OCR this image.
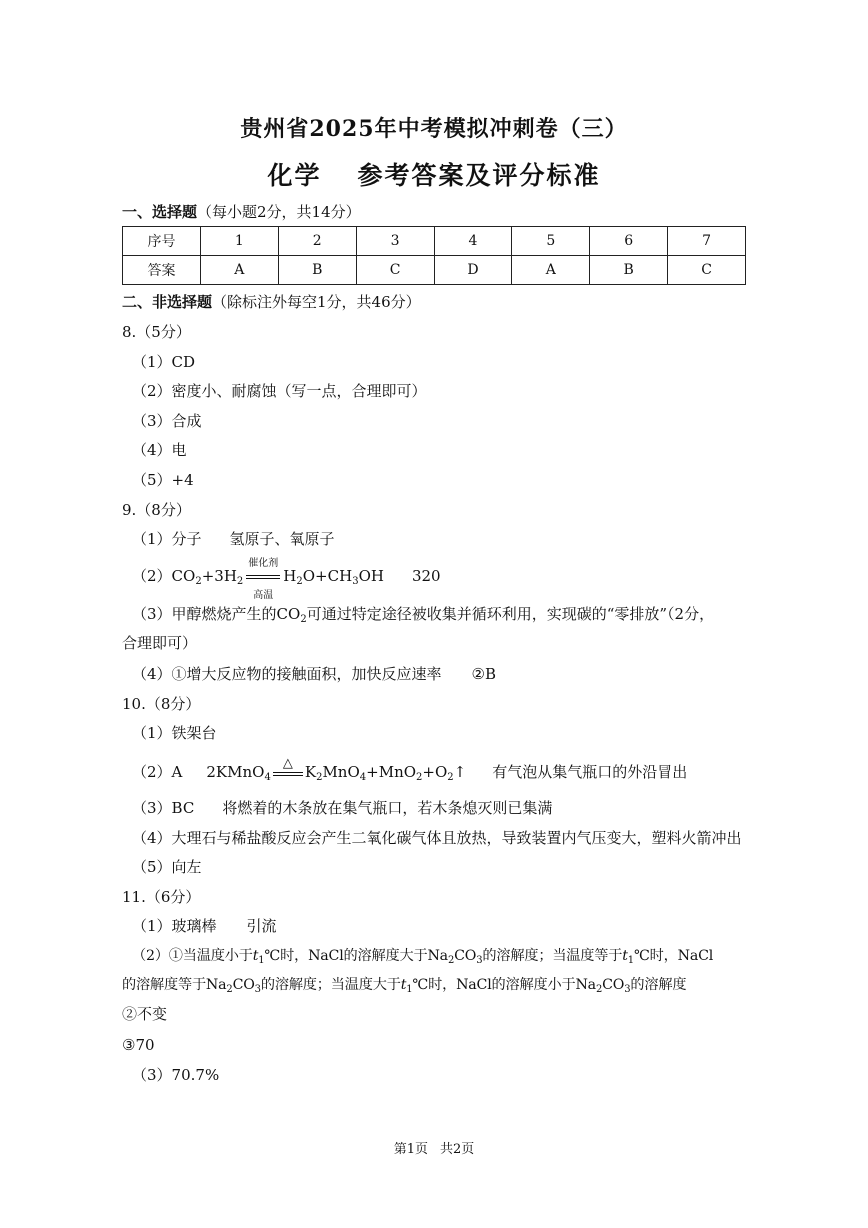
贵州省2025年中考模拟冲刺卷（三）
化学 参考答案及评分标准
一、选择题（每小题2分，共14分）
序号	1	2	3	4	5	6	7
答案	A	B	C	D	A	B	C
二、非选择题（除标注外每空1分，共46分）
8.（5分）
（1）CD
（2）密度小、耐腐蚀（写一点，合理即可）
（3）合成
（4）电
（5）+4
9.（8分）
（1）分子 氢原子、氧原子
$(2)CO_2+3H_2$
催化剂
高温
$H_2O+CH_3OH$ 320
（3）甲醇燃烧产生的$CO_2$可通过特定途径被收集并循环利用，实现碳的“零排放”（2分，
合理即可）
（4）①增大反应物的接触面积，加快反应速率 ②B
10.（8分）
（1）铁架台
（2）A 2KMnO$_4$
△ $K_2MnO_4+MnO_2+O_2↑$ 有气泡从集气瓶口的外沿冒出
（3）BC 将燃着的木条放在集气瓶口，若木条熄灭则已集满
（4）大理石与稀盐酸反应会产生二氧化碳气体且放热，导致装置内气压变大，塑料火箭冲出
（5）向左
11.（6分）
（1）玻璃棒 引流
（2）①当温度小于$t_1℃$时，NaCl的溶解度大于$Na_2CO_3$的溶解度；当温度等于$t_1℃$时，NaCl
的溶解度等于$Na_2CO_3$的溶解度；当温度大于$t_1℃$时，NaCl的溶解度小于$Na_2CO_3$的溶解度
②不变
③70
（3）70.7%
第1页 共2页
